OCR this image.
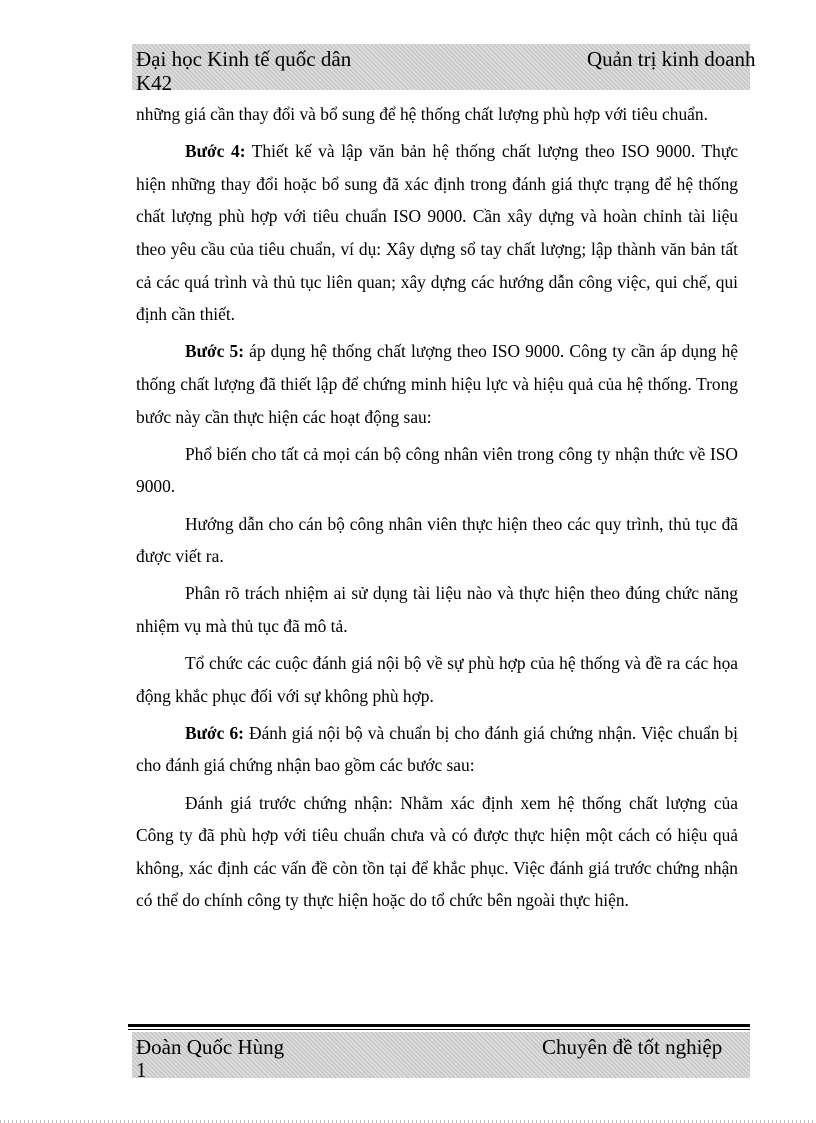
Đại học Kinh tế quốc dân	Quản trị kinh doanh
K42

những giá cần thay đổi và bổ sung để hệ thống chất lượng phù hợp với tiêu chuẩn.

Bước 4: Thiết kế và lập văn bản hệ thống chất lượng theo ISO 9000. Thực hiện những thay đổi hoặc bổ sung đã xác định trong đánh giá thực trạng để hệ thống chất lượng phù hợp với tiêu chuẩn ISO 9000. Cần xây dựng và hoàn chỉnh tài liệu theo yêu cầu của tiêu chuẩn, ví dụ: Xây dựng sổ tay chất lượng; lập thành văn bản tất cả các quá trình và thủ tục liên quan; xây dựng các hướng dẫn công việc, qui chế, qui định cần thiết.

Bước 5: áp dụng hệ thống chất lượng theo ISO 9000. Công ty cần áp dụng hệ thống chất lượng đã thiết lập để chứng minh hiệu lực và hiệu quả của hệ thống. Trong bước này cần thực hiện các hoạt động sau:

Phổ biến cho tất cả mọi cán bộ công nhân viên trong công ty nhận thức về ISO 9000.

Hướng dẫn cho cán bộ công nhân viên thực hiện theo các quy trình, thủ tục đã được viết ra.

Phân rõ trách nhiệm ai sử dụng tài liệu nào và thực hiện theo đúng chức năng nhiệm vụ mà thủ tục đã mô tả.

Tổ chức các cuộc đánh giá nội bộ về sự phù hợp của hệ thống và đề ra các họa động khắc phục đối với sự không phù hợp.

Bước 6: Đánh giá nội bộ và chuẩn bị cho đánh giá chứng nhận. Việc chuẩn bị cho đánh giá chứng nhận bao gồm các bước sau:

Đánh giá trước chứng nhận: Nhằm xác định xem hệ thống chất lượng của Công ty đã phù hợp với tiêu chuẩn chưa và có được thực hiện một cách có hiệu quả không, xác định các vấn đề còn tồn tại để khắc phục. Việc đánh giá trước chứng nhận có thể do chính công ty thực hiện hoặc do tổ chức bên ngoài thực hiện.

Đoàn Quốc Hùng	Chuyên đề tốt nghiệp
1
